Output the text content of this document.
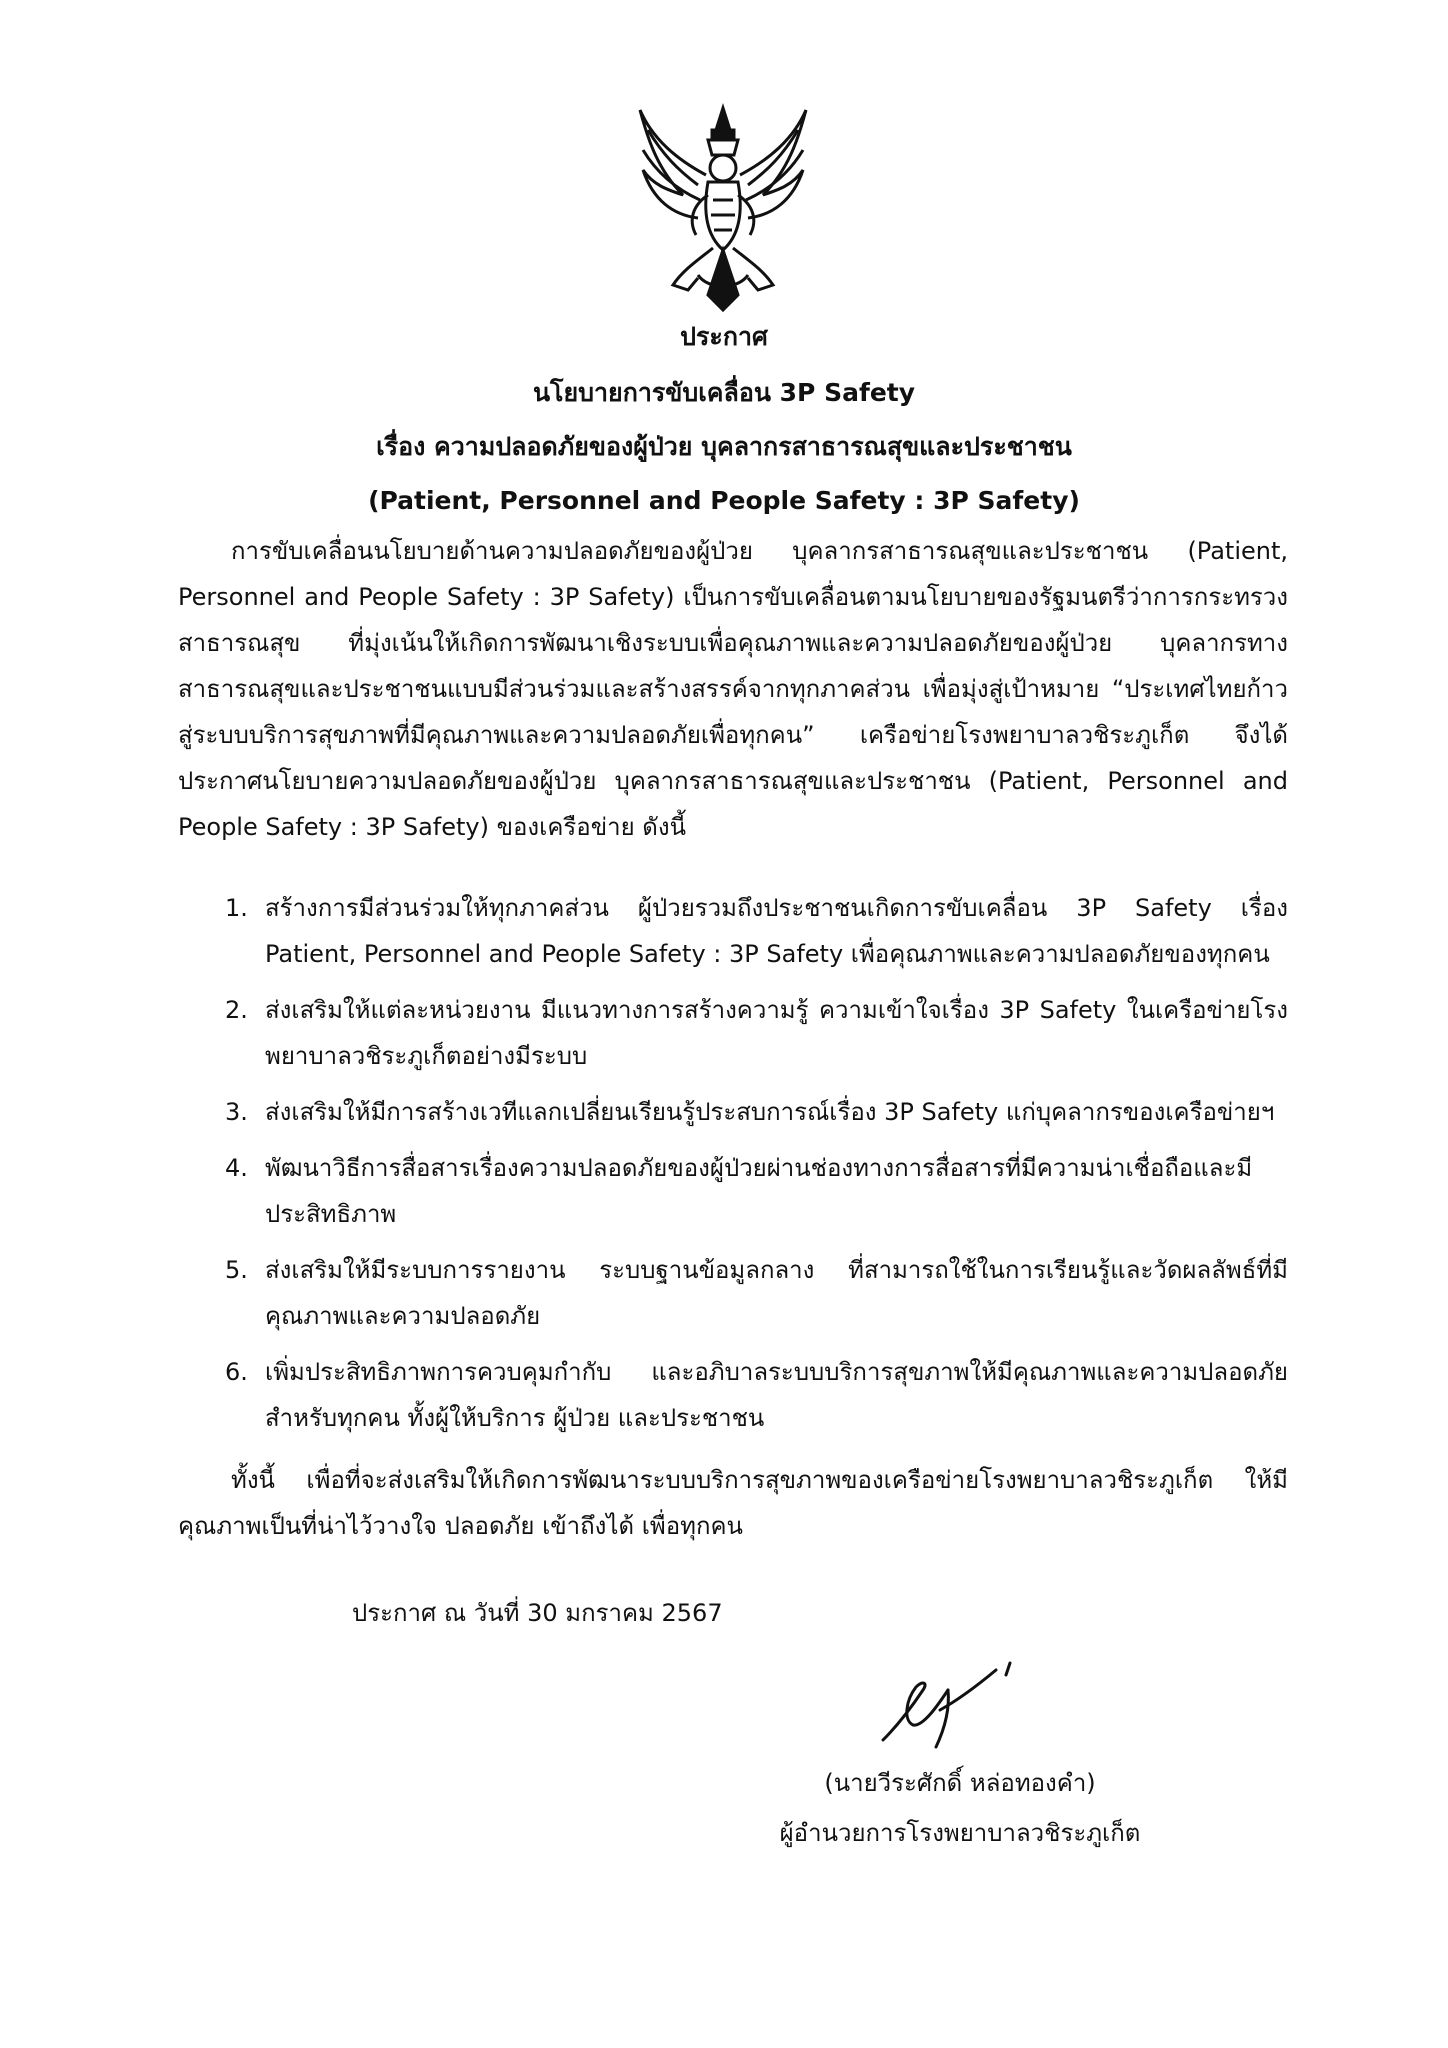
ประกาศ
นโยบายการขับเคลื่อน 3P Safety
เรื่อง ความปลอดภัยของผู้ป่วย บุคลากรสาธารณสุขและประชาชน
(Patient, Personnel and People Safety : 3P Safety)
การขับเคลื่อนนโยบายด้านความปลอดภัยของผู้ป่วย บุคลากรสาธารณสุขและประชาชน (Patient, Personnel and People Safety : 3P Safety) เป็นการขับเคลื่อนตามนโยบายของรัฐมนตรีว่าการกระทรวงสาธารณสุข ที่มุ่งเน้นให้เกิดการพัฒนาเชิงระบบเพื่อคุณภาพและความปลอดภัยของผู้ป่วย บุคลากรทางสาธารณสุขและประชาชนแบบมีส่วนร่วมและสร้างสรรค์จากทุกภาคส่วน เพื่อมุ่งสู่เป้าหมาย “ประเทศไทยก้าวสู่ระบบบริการสุขภาพที่มีคุณภาพและความปลอดภัยเพื่อทุกคน” เครือข่ายโรงพยาบาลวชิระภูเก็ต จึงได้ประกาศนโยบายความปลอดภัยของผู้ป่วย บุคลากรสาธารณสุขและประชาชน (Patient, Personnel and People Safety : 3P Safety) ของเครือข่าย ดังนี้
1. สร้างการมีส่วนร่วมให้ทุกภาคส่วน ผู้ป่วยรวมถึงประชาชนเกิดการขับเคลื่อน 3P Safety เรื่อง Patient, Personnel and People Safety : 3P Safety เพื่อคุณภาพและความปลอดภัยของทุกคน
2. ส่งเสริมให้แต่ละหน่วยงาน มีแนวทางการสร้างความรู้ ความเข้าใจเรื่อง 3P Safety ในเครือข่ายโรงพยาบาลวชิระภูเก็ตอย่างมีระบบ
3. ส่งเสริมให้มีการสร้างเวทีแลกเปลี่ยนเรียนรู้ประสบการณ์เรื่อง 3P Safety แก่บุคลากรของเครือข่ายฯ
4. พัฒนาวิธีการสื่อสารเรื่องความปลอดภัยของผู้ป่วยผ่านช่องทางการสื่อสารที่มีความน่าเชื่อถือและมีประสิทธิภาพ
5. ส่งเสริมให้มีระบบการรายงาน ระบบฐานข้อมูลกลาง ที่สามารถใช้ในการเรียนรู้และวัดผลลัพธ์ที่มีคุณภาพและความปลอดภัย
6. เพิ่มประสิทธิภาพการควบคุมกำกับ และอภิบาลระบบบริการสุขภาพให้มีคุณภาพและความปลอดภัยสำหรับทุกคน ทั้งผู้ให้บริการ ผู้ป่วย และประชาชน
ทั้งนี้ เพื่อที่จะส่งเสริมให้เกิดการพัฒนาระบบบริการสุขภาพของเครือข่ายโรงพยาบาลวชิระภูเก็ต ให้มีคุณภาพเป็นที่น่าไว้วางใจ ปลอดภัย เข้าถึงได้ เพื่อทุกคน
ประกาศ ณ วันที่ 30 มกราคม 2567
(นายวีระศักดิ์ หล่อทองคำ)
ผู้อำนวยการโรงพยาบาลวชิระภูเก็ต
